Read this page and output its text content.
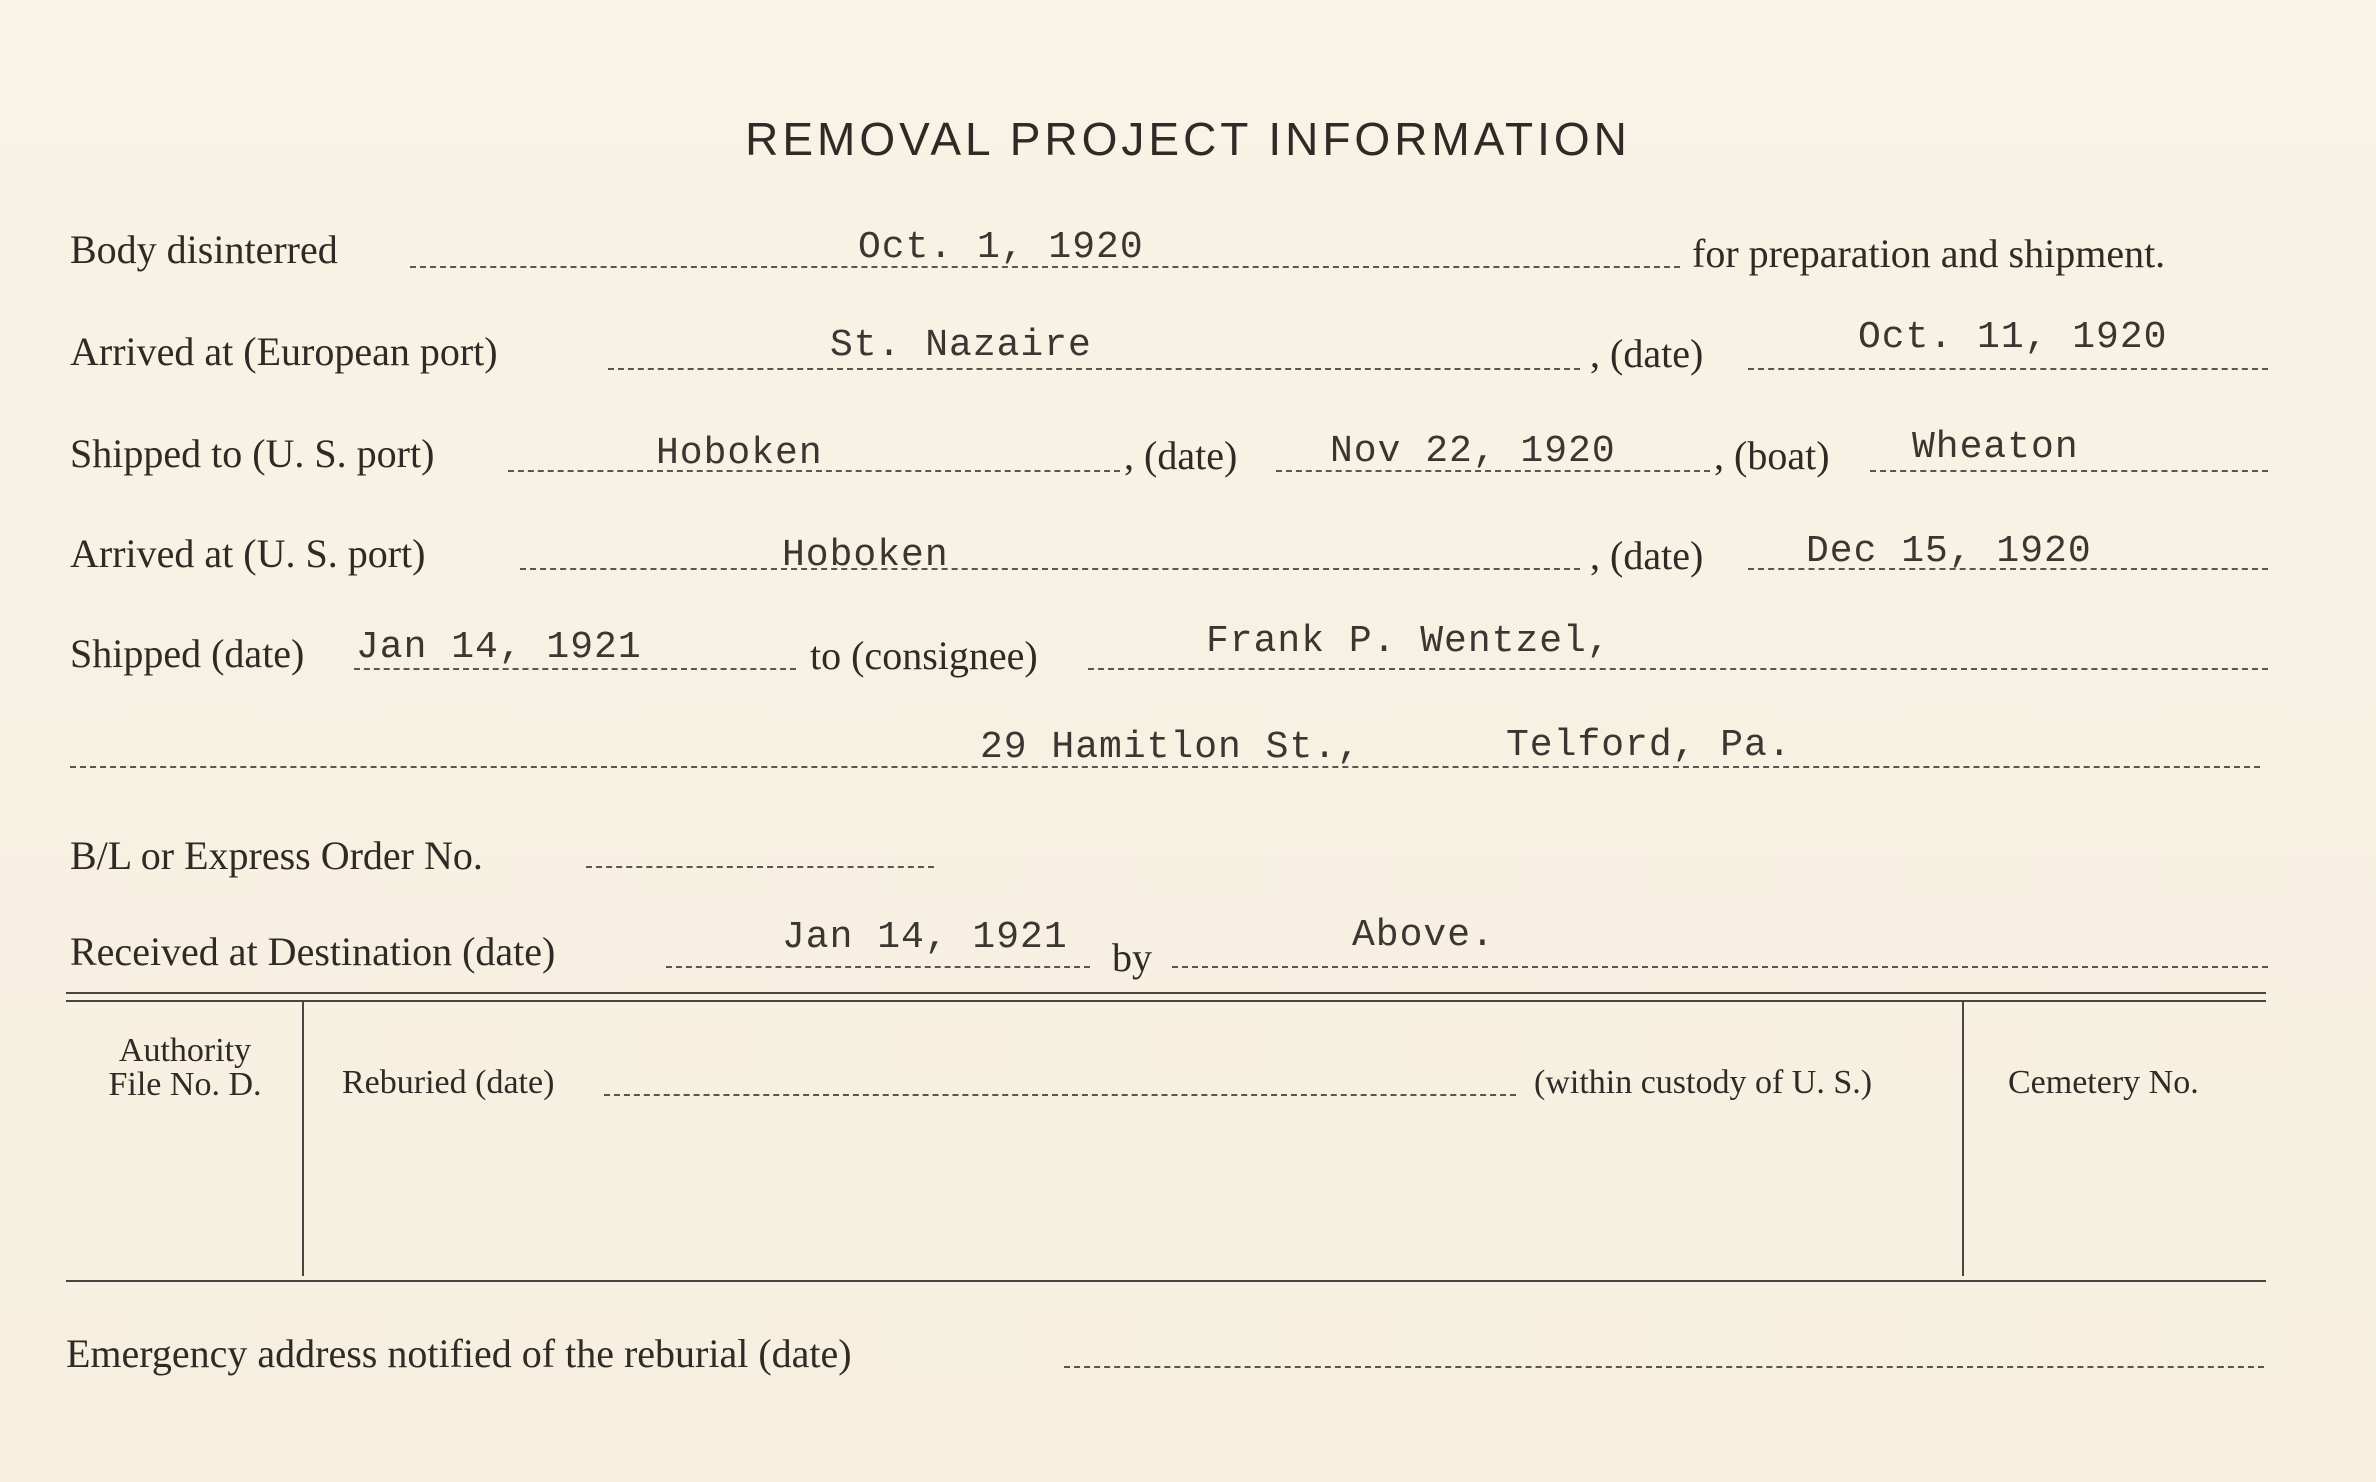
REMOVAL PROJECT INFORMATION
Body disinterred	Oct. 1, 1920	for preparation and shipment.
Arrived at (European port)	St. Nazaire	, (date)	Oct. 11, 1920
Shipped to (U. S. port)	Hoboken	, (date) Nov 22, 1920 , (boat) Wheaton
Arrived at (U. S. port)	Hoboken	, (date)	Dec 15, 1920
Shipped (date) Jan 14, 1921	to (consignee)	Frank P. Wentzel,
29 Hamitlon St.,	Telford, Pa.
B/L or Express Order No.
Received at Destination (date)	Jan 14, 1921 by	Above.
Authority
File No. D.	Reburied (date)	(within custody of U. S.)	Cemetery No.
Emergency address notified of the reburial (date)
